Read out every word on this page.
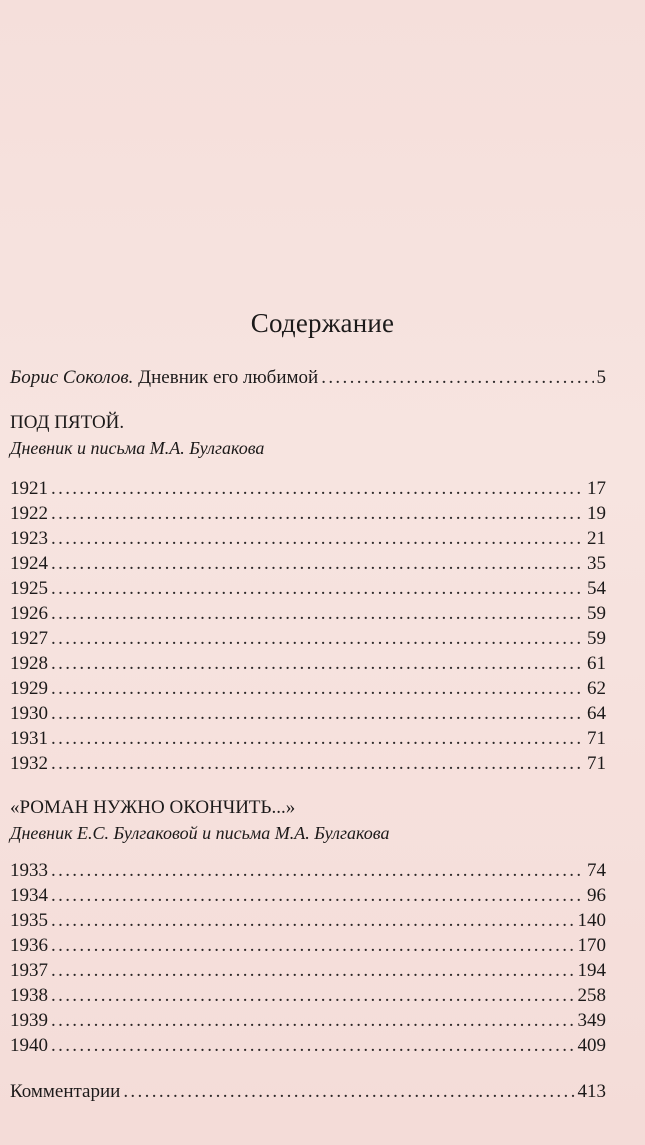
Содержание
Борис Соколов. Дневник его любимой . . .	5
ПОД ПЯТОЙ.
Дневник и письма М.А. Булгакова
1921 . . .	17
1922 . . .	19
1923 . . .	21
1924 . . .	35
1925 . . .	54
1926 . . .	59
1927 . . .	59
1928 . . .	61
1929 . . .	62
1930 . . .	64
1931 . . .	71
1932 . . .	71
«РОМАН НУЖНО ОКОНЧИТЬ...»
Дневник Е.С. Булгаковой и письма М.А. Булгакова
1933 . . .	74
1934 . . .	96
1935 . . .	140
1936 . . .	170
1937 . . .	194
1938 . . .	258
1939 . . .	349
1940 . . .	409
Комментарии . . .	413
